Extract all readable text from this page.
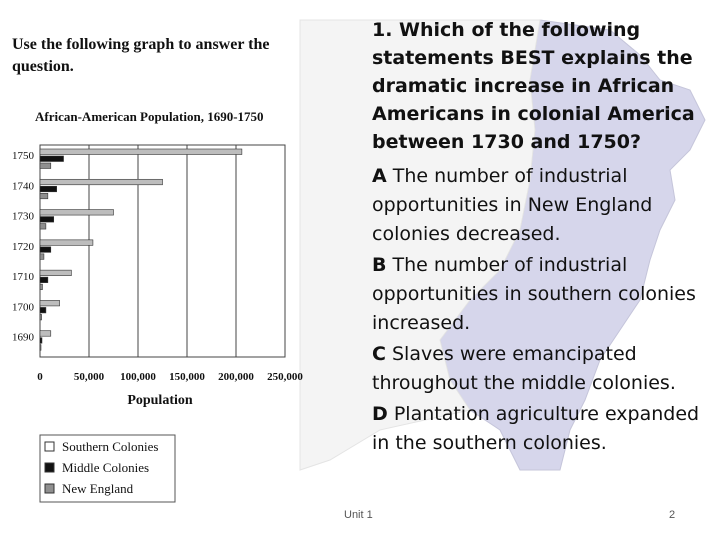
African-American Population, 1690-1750
1750
1740
1730
1720
1710
1700
1690
0	50,000 100,000 150,000 200,000 250,000
Population
Southern Colonies
Middle Colonies
New England
Use the following graph to answer the question.
1. Which of the following statements BEST explains the dramatic increase in African Americans in colonial America between 1730 and 1750?
A The number of industrial opportunities in New England colonies decreased.
B The number of industrial opportunities in southern colonies increased.
C Slaves were emancipated throughout the middle colonies.
D Plantation agriculture expanded in the southern colonies.
Unit 1	2
